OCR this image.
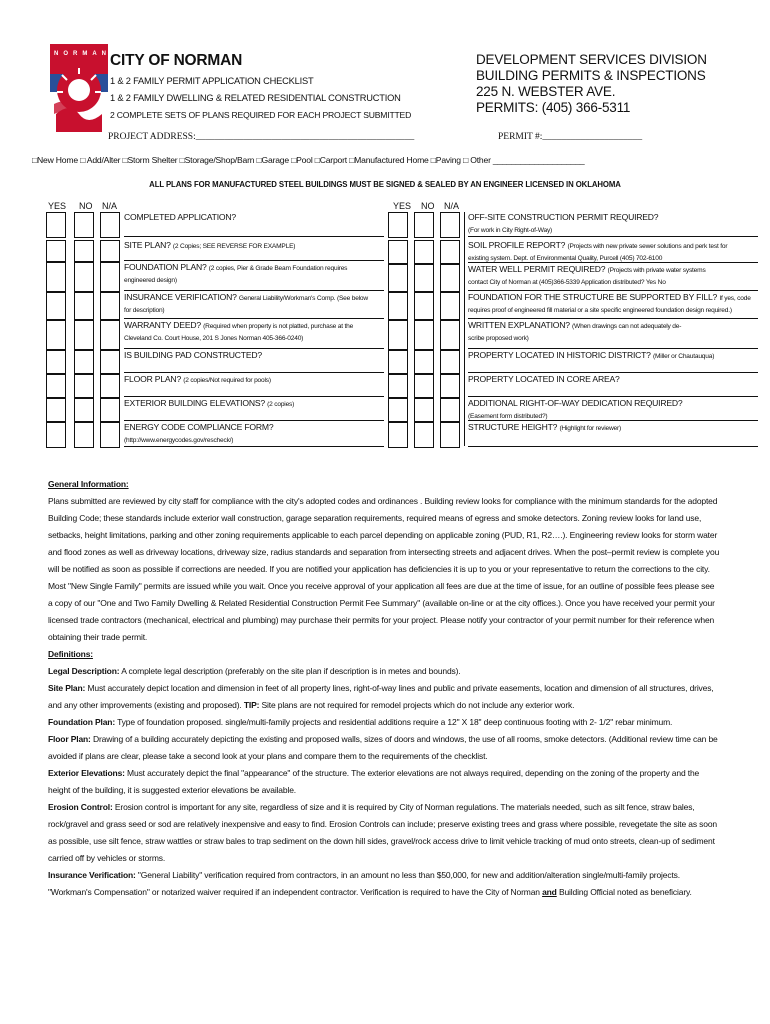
NORMAN CITY OF NORMAN
1 & 2 FAMILY PERMIT APPLICATION CHECKLIST
1 & 2 FAMILY DWELLING & RELATED RESIDENTIAL CONSTRUCTION
2 COMPLETE SETS OF PLANS REQUIRED FOR EACH PROJECT SUBMITTED
DEVELOPMENT SERVICES DIVISION
BUILDING PERMITS & INSPECTIONS
225 N. WEBSTER AVE.
PERMITS: (405) 366-5311
PROJECT ADDRESS:______________________________________________	PERMIT #:_____________________
□New Home □ Add/Alter □Storm Shelter □Storage/Shop/Barn □Garage □Pool □Carport □Manufactured Home □Paving □ Other ____________________
ALL PLANS FOR MANUFACTURED STEEL BUILDINGS MUST BE SIGNED & SEALED BY AN ENGINEER LICENSED IN OKLAHOMA
YES NO N/A	YES NO N/A
COMPLETED APPLICATION?

SITE PLAN? (2 Copies; SEE REVERSE FOR EXAMPLE)

FOUNDATION PLAN? (2 copies, Pier & Grade Beam Foundation requires
engineered design)
INSURANCE VERIFICATION? General Liability/Workman's Comp. (See below
for description)
WARRANTY DEED? (Required when property is not platted, purchase at the
Cleveland Co. Court House, 201 S Jones Norman 405-366-0240)
IS BUILDING PAD CONSTRUCTED?

FLOOR PLAN? (2 copies/Not required for pools)

EXTERIOR BUILDING ELEVATIONS? (2 copies)

ENERGY CODE COMPLIANCE FORM?
(http://www.energycodes.gov/rescheck/)
OFF-SITE CONSTRUCTION PERMIT REQUIRED?
(For work in City Right-of-Way)
SOIL PROFILE REPORT? (Projects with new private sewer solutions and perk test for
existing system. Dept. of Environmental Quality, Purcell (405) 702-6100
WATER WELL PERMIT REQUIRED? (Projects with private water systems
contact City of Norman at (405)366-5339 Application distributed? Yes No
FOUNDATION FOR THE STRUCTURE BE SUPPORTED BY FILL? If yes, code
requires proof of engineered fill material or a site specific engineered foundation design required.)
WRITTEN EXPLANATION? (When drawings can not adequately de-
scribe proposed work)
PROPERTY LOCATED IN HISTORIC DISTRICT? (Miller or Chautauqua)

PROPERTY LOCATED IN CORE AREA?

ADDITIONAL RIGHT-OF-WAY DEDICATION REQUIRED?
(Easement form distributed?)
STRUCTURE HEIGHT? (Highlight for reviewer)

General Information:

Plans submitted are reviewed by city staff for compliance with the city's adopted codes and ordinances . Building review looks for compliance with the minimum standards for the adopted Building Code; these standards include exterior wall construction, garage separation requirements, required means of egress and smoke detectors. Zoning review looks for land use, setbacks, height limitations, parking and other zoning requirements applicable to each parcel depending on applicable zoning (PUD, R1, R2….). Engineering review looks for storm water and flood zones as well as driveway locations, driveway size, radius standards and separation from intersecting streets and adjacent drives. When the post–permit review is complete you will be notified as soon as possible if corrections are needed. If you are notified your application has deficiencies it is up to you or your representative to return the corrections to the city. Most "New Single Family" permits are issued while you wait. Once you receive approval of your application all fees are due at the time of issue, for an outline of possible fees please see a copy of our "One and Two Family Dwelling & Related Residential Construction Permit Fee Summary" (available on-line or at the city offices.). Once you have received your permit your licensed trade contractors (mechanical, electrical and plumbing) may purchase their permits for your project. Please notify your contractor of your permit number for their reference when obtaining their trade permit.

Definitions:

Legal Description: A complete legal description (preferably on the site plan if description is in metes and bounds).

Site Plan: Must accurately depict location and dimension in feet of all property lines, right-of-way lines and public and private easements, location and dimension of all structures, drives, and any other improvements (existing and proposed). TIP: Site plans are not required for remodel projects which do not include any exterior work.

Foundation Plan: Type of foundation proposed. single/multi-family projects and residential additions require a 12" X 18" deep continuous footing with 2- 1/2" rebar minimum.

Floor Plan: Drawing of a building accurately depicting the existing and proposed walls, sizes of doors and windows, the use of all rooms, smoke detectors. (Additional review time can be avoided if plans are clear, please take a second look at your plans and compare them to the requirements of the checklist.

Exterior Elevations: Must accurately depict the final "appearance" of the structure. The exterior elevations are not always required, depending on the zoning of the property and the height of the building, it is suggested exterior elevations be available.

Erosion Control: Erosion control is important for any site, regardless of size and it is required by City of Norman regulations. The materials needed, such as silt fence, straw bales, rock/gravel and grass seed or sod are relatively inexpensive and easy to find. Erosion Controls can include; preserve existing trees and grass where possible, revegetate the site as soon as possible, use silt fence, straw wattles or straw bales to trap sediment on the down hill sides, gravel/rock access drive to limit vehicle tracking of mud onto streets, clean-up of sediment carried off by vehicles or storms.

Insurance Verification: "General Liability" verification required from contractors, in an amount no less than $50,000, for new and addition/alteration single/multi-family projects. "Workman's Compensation" or notarized waiver required if an independent contractor. Verification is required to have the City of Norman and Building Official noted as beneficiary.
